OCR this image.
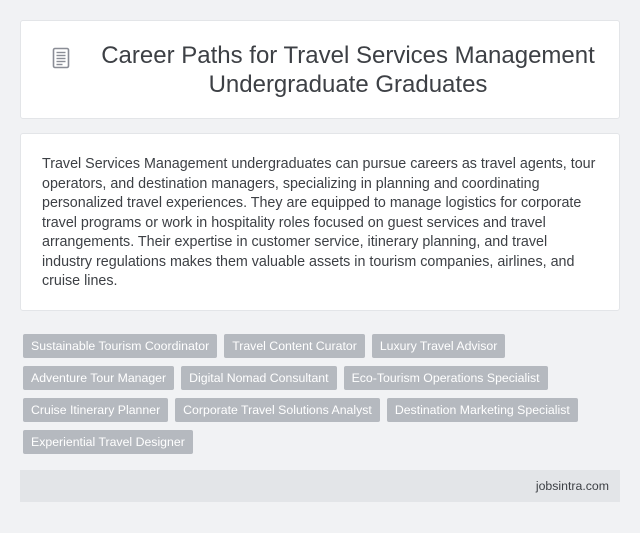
Career Paths for Travel Services Management Undergraduate Graduates

Travel Services Management undergraduates can pursue careers as travel agents, tour operators, and destination managers, specializing in planning and coordinating personalized travel experiences. They are equipped to manage logistics for corporate travel programs or work in hospitality roles focused on guest services and travel arrangements. Their expertise in customer service, itinerary planning, and travel industry regulations makes them valuable assets in tourism companies, airlines, and cruise lines.

Sustainable Tourism Coordinator	Travel Content Curator	Luxury Travel Advisor
Adventure Tour Manager	Digital Nomad Consultant	Eco-Tourism Operations Specialist
Cruise Itinerary Planner	Corporate Travel Solutions Analyst	Destination Marketing Specialist
Experiential Travel Designer
jobsintra.com
